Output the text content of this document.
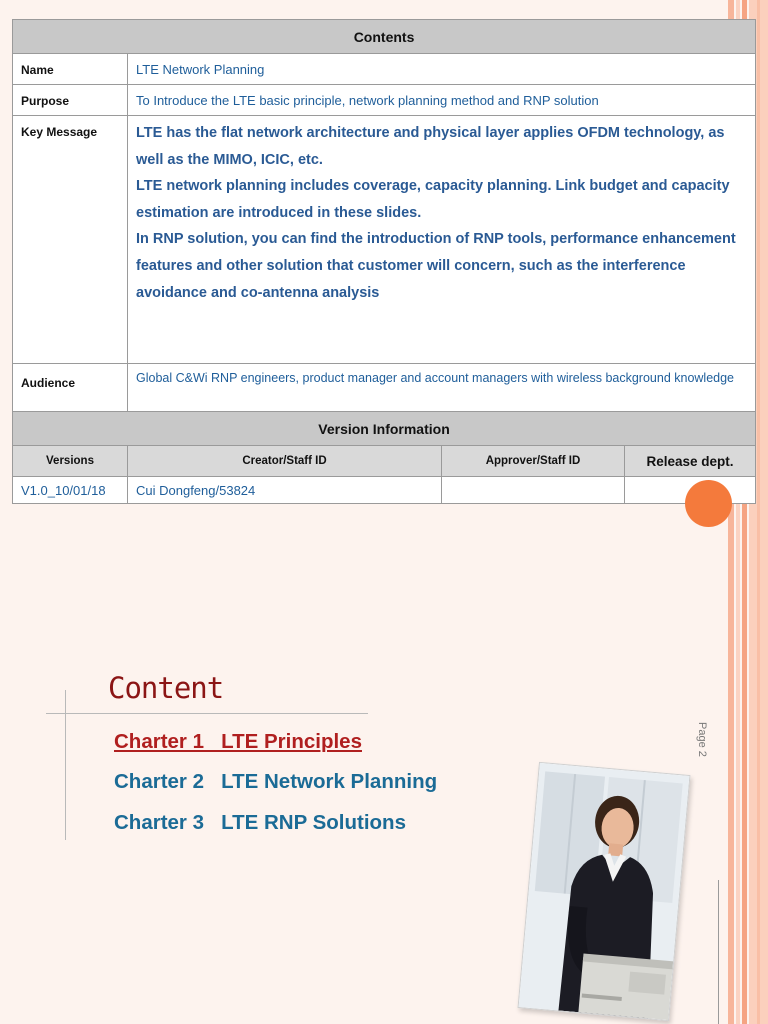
Contents			
Name	LTE Network Planning		
Purpose	To Introduce the LTE basic principle, network planning method and RNP solution		
Key Message	LTE has the flat network architecture and physical layer applies OFDM technology, as well as the MIMO, ICIC, etc.

LTE network planning includes coverage, capacity planning. Link budget and capacity estimation are introduced in these slides.

In RNP solution, you can find the introduction of RNP tools, performance enhancement features and other solution that customer will concern, such as the interference avoidance and co-antenna analysis		

Audience	Global C&Wi RNP engineers, product manager and account managers with wireless background knowledge		
Version Information			
Versions	Creator/Staff ID	Approver/Staff ID	Release dept.
V1.0_10/01/18	Cui Dongfeng/53824		
Content
Charter 1   LTE Principles
Charter 2   LTE Network Planning
Charter 3   LTE RNP Solutions
Page 2
